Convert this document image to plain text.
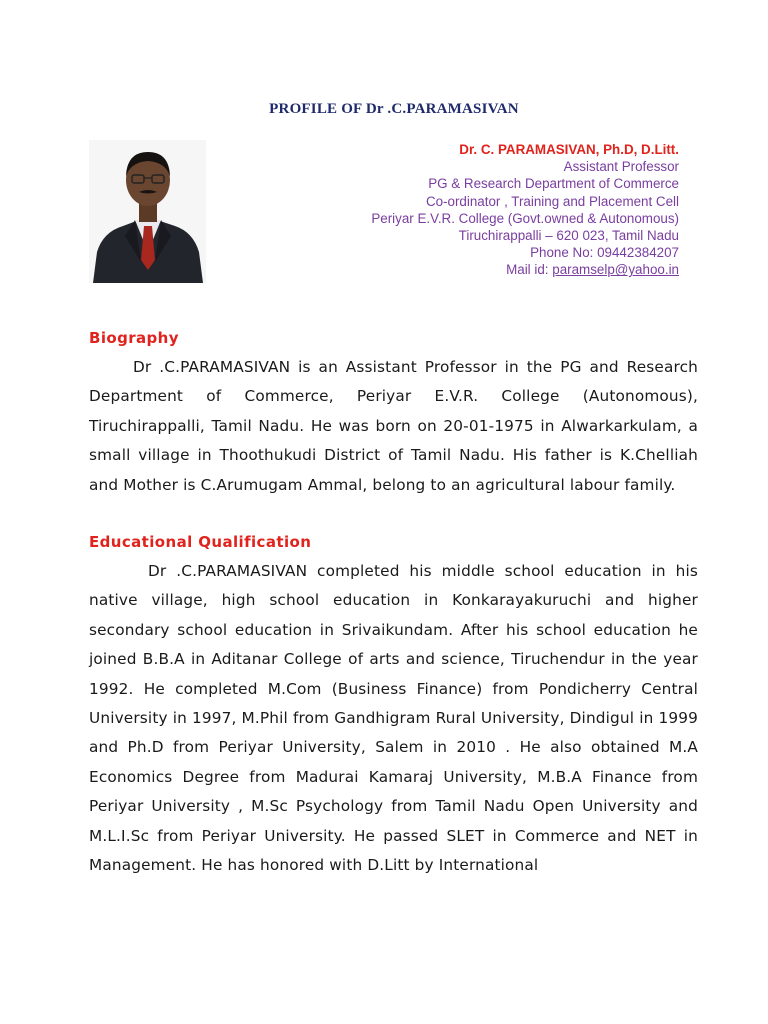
PROFILE OF Dr .C.PARAMASIVAN
Dr. C. PARAMASIVAN, Ph.D, D.Litt.
Assistant Professor
PG & Research Department of Commerce
Co-ordinator , Training and Placement Cell
Periyar E.V.R. College (Govt.owned & Autonomous)
Tiruchirappalli – 620 023, Tamil Nadu
Phone No: 09442384207
Mail id: paramselp@yahoo.in
Biography
Dr .C.PARAMASIVAN is an Assistant Professor in the PG and Research Department of Commerce, Periyar E.V.R. College (Autonomous), Tiruchirappalli, Tamil Nadu. He was born on 20-01-1975 in Alwarkarkulam, a small village in Thoothukudi District of Tamil Nadu. His father is K.Chelliah and Mother is C.Arumugam Ammal, belong to an agricultural labour family.
Educational Qualification
Dr .C.PARAMASIVAN completed his middle school education in his native village, high school education in Konkarayakuruchi and higher secondary school education in Srivaikundam. After his school education he joined B.B.A in Aditanar College of arts and science, Tiruchendur in the year 1992. He completed M.Com (Business Finance) from Pondicherry Central University in 1997, M.Phil from Gandhigram Rural University, Dindigul in 1999 and Ph.D from Periyar University, Salem in 2010 . He also obtained M.A Economics Degree from Madurai Kamaraj University, M.B.A Finance from Periyar University , M.Sc Psychology from Tamil Nadu Open University and M.L.I.Sc from Periyar University. He passed SLET in Commerce and NET in Management. He has honored with D.Litt by International
